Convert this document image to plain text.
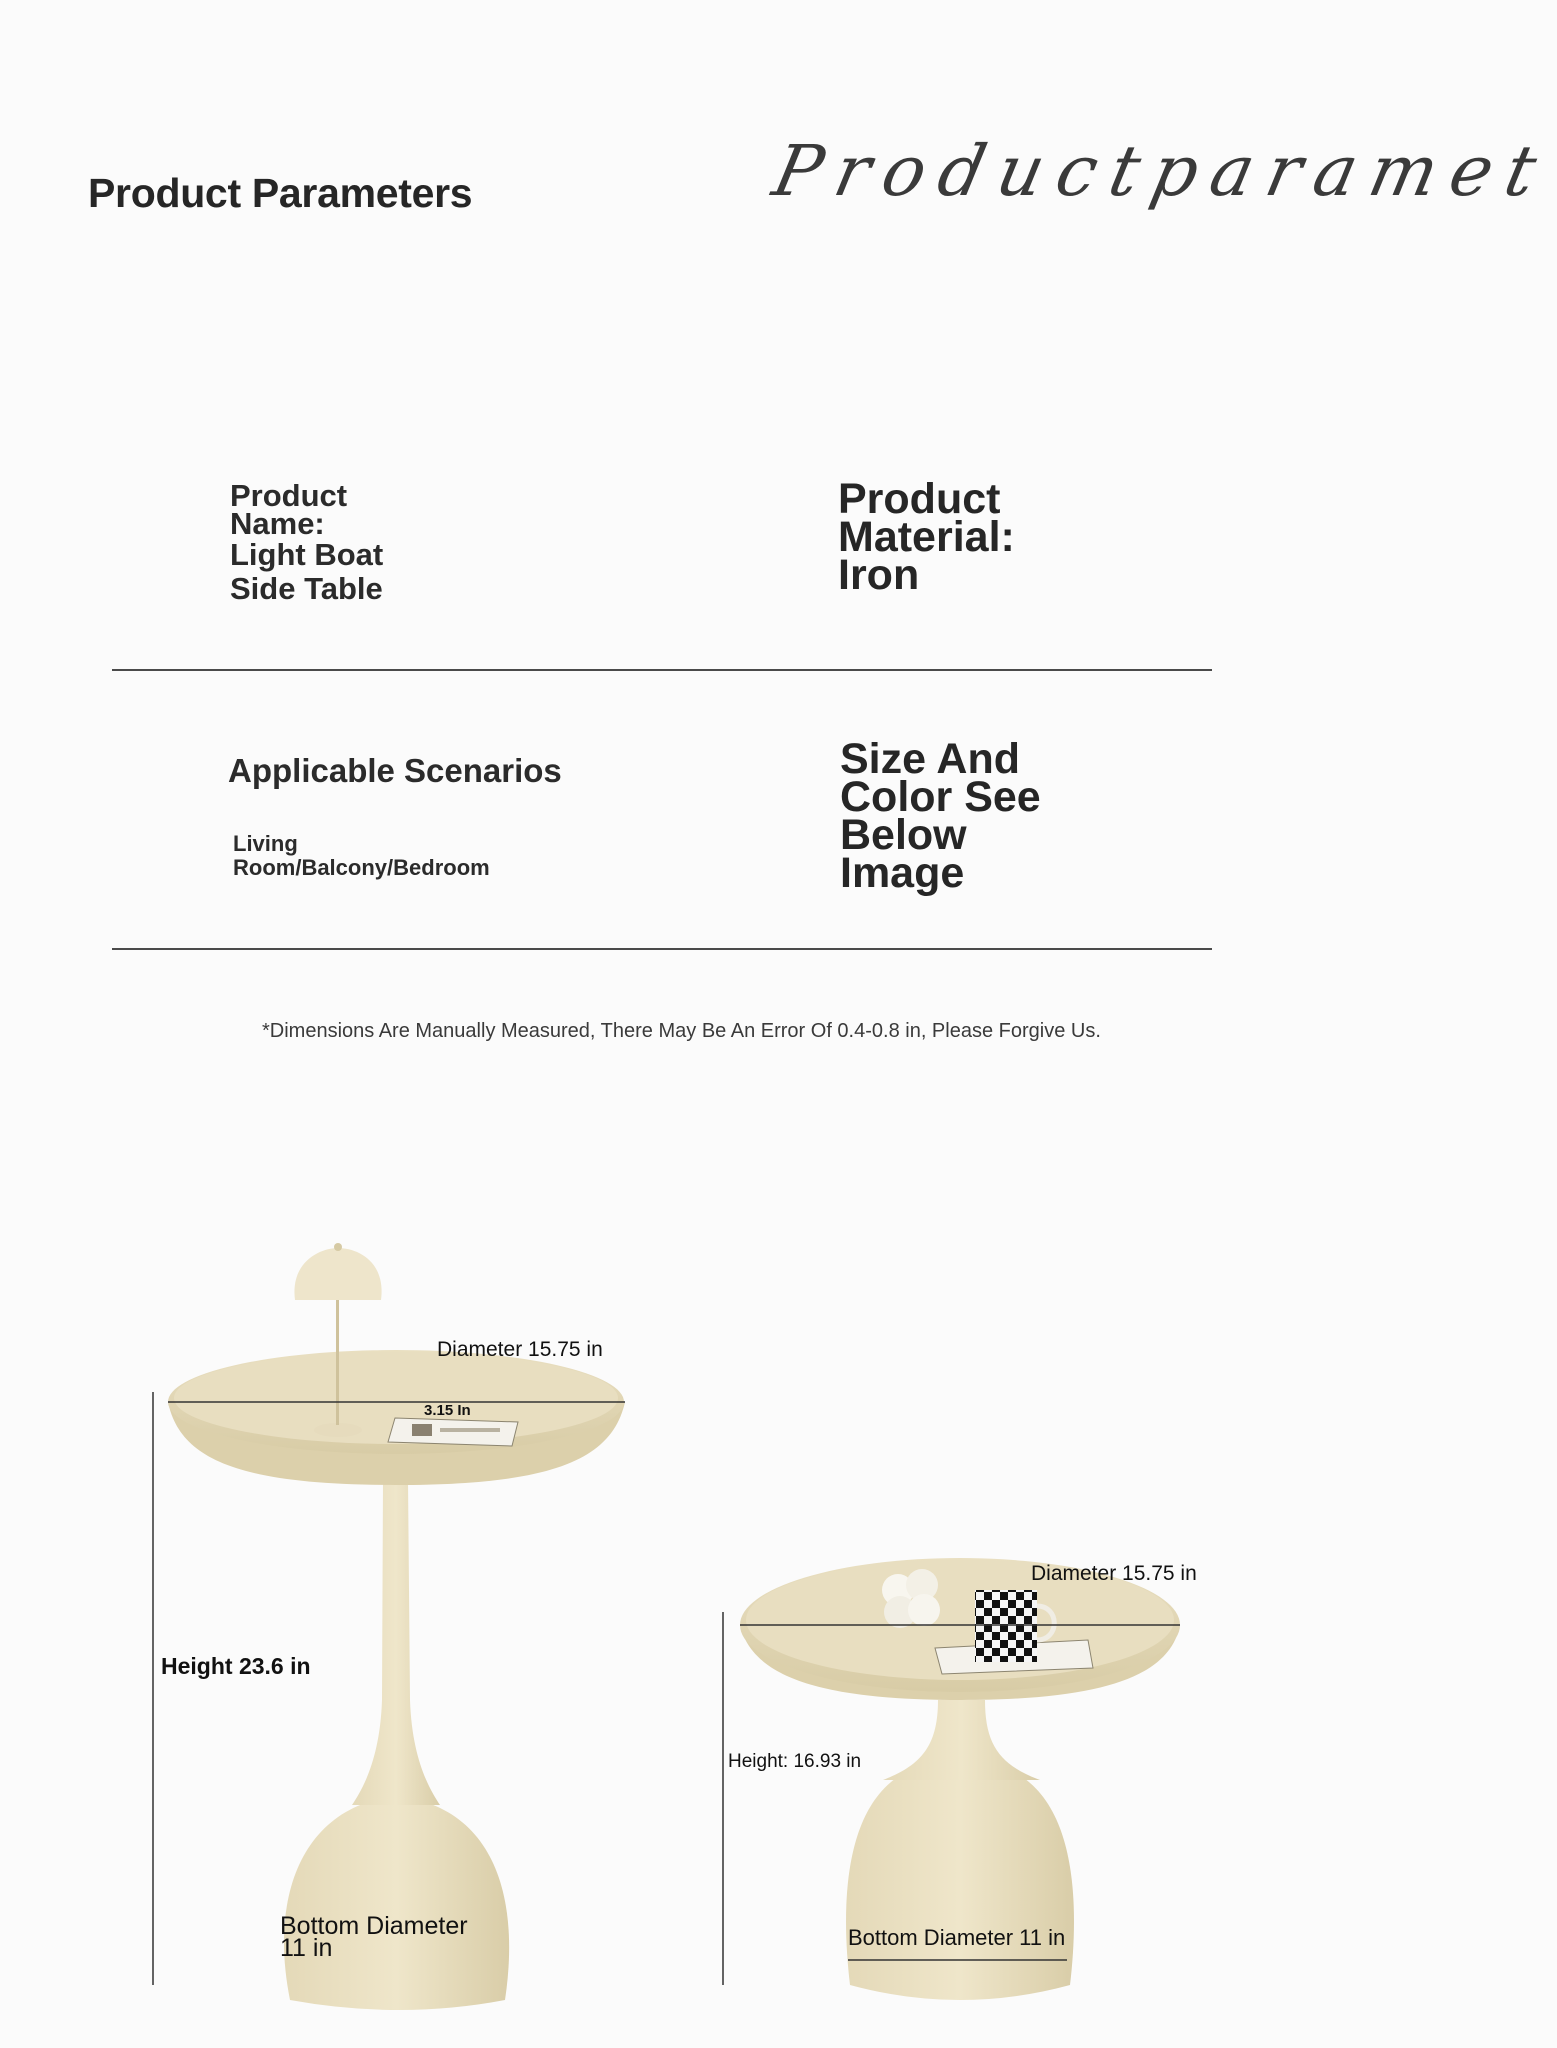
Product Parameters	Productparamet
Product Name:
Light Boat Side Table
Product Material: Iron
Applicable Scenarios
Living Room/Balcony/Bedroom
Size And Color See Below Image
*Dimensions Are Manually Measured, There May Be An Error Of 0.4-0.8 in, Please Forgive Us.
Diameter 15.75 in
3.15 In
Height 23.6 in
Bottom Diameter
11 in
Diameter 15.75 in
Height: 16.93 in
Bottom Diameter 11 in
